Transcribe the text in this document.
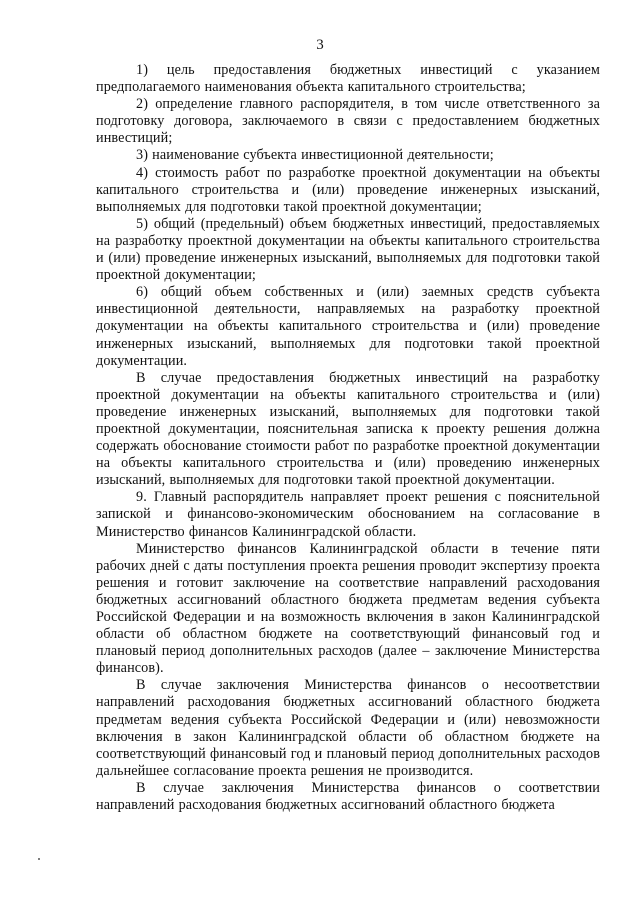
3

1) цель предоставления бюджетных инвестиций с указанием предполагаемого наименования объекта капитального строительства;

2) определение главного распорядителя, в том числе ответственного за подготовку договора, заключаемого в связи с предоставлением бюджетных инвестиций;

3) наименование субъекта инвестиционной деятельности;

4) стоимость работ по разработке проектной документации на объекты капитального строительства и (или) проведение инженерных изысканий, выполняемых для подготовки такой проектной документации;

5) общий (предельный) объем бюджетных инвестиций, предоставляемых на разработку проектной документации на объекты капитального строительства и (или) проведение инженерных изысканий, выполняемых для подготовки такой проектной документации;

6) общий объем собственных и (или) заемных средств субъекта инвестиционной деятельности, направляемых на разработку проектной документации на объекты капитального строительства и (или) проведение инженерных изысканий, выполняемых для подготовки такой проектной документации.

В случае предоставления бюджетных инвестиций на разработку проектной документации на объекты капитального строительства и (или) проведение инженерных изысканий, выполняемых для подготовки такой проектной документации, пояснительная записка к проекту решения должна содержать обоснование стоимости работ по разработке проектной документации на объекты капитального строительства и (или) проведению инженерных изысканий, выполняемых для подготовки такой проектной документации.

9. Главный распорядитель направляет проект решения с пояснительной запиской и финансово-экономическим обоснованием на согласование в Министерство финансов Калининградской области.

Министерство финансов Калининградской области в течение пяти рабочих дней с даты поступления проекта решения проводит экспертизу проекта решения и готовит заключение на соответствие направлений расходования бюджетных ассигнований областного бюджета предметам ведения субъекта Российской Федерации и на возможность включения в закон Калининградской области об областном бюджете на соответствующий финансовый год и плановый период дополнительных расходов (далее – заключение Министерства финансов).

В случае заключения Министерства финансов о несоответствии направлений расходования бюджетных ассигнований областного бюджета предметам ведения субъекта Российской Федерации и (или) невозможности включения в закон Калининградской области об областном бюджете на соответствующий финансовый год и плановый период дополнительных расходов дальнейшее согласование проекта решения не производится.

В случае заключения Министерства финансов о соответствии направлений расходования бюджетных ассигнований областного бюджета
